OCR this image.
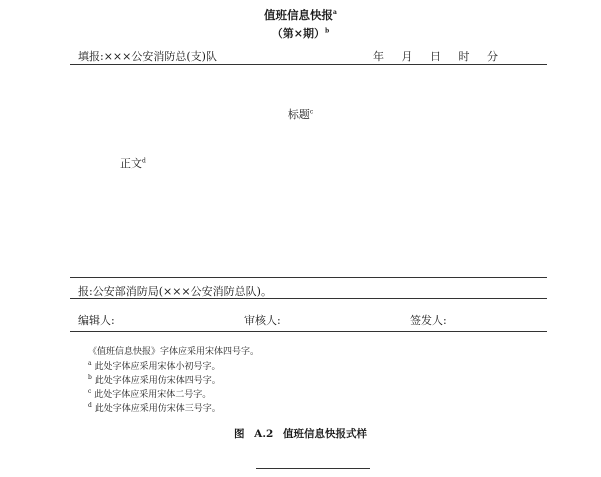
值班信息快报$^a$
（第×期）$^b$
填报:×××公安消防总(支)队	年 月 日 时 分
标题$^c$
正文$^d$
报:公安部消防局(×××公安消防总队)。
编辑人:	审核人:	签发人:
《值班信息快报》字体应采用宋体四号字。
$^a$ 此处字体应采用宋体小初号字。
$^b$ 此处字体应采用仿宋体四号字。
$^c$ 此处字体应采用宋体二号字。
$^d$ 此处字体应采用仿宋体三号字。
图 A.2 值班信息快报式样
